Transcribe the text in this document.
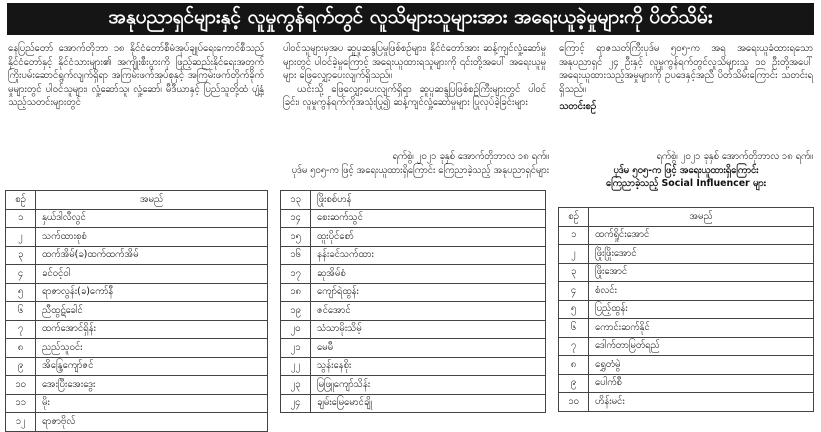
အနုပညာရှင်များနှင့် လူမှုကွန်ရက်တွင် လူသိများသူများအား အရေးယူခဲ့မှုများကို ပိတ်သိမ်း

နေပြည်တော် အောက်တိုဘာ ၁၈ နိုင်ငံတော်စီမံအုပ်ချုပ်ရေးကောင်စီသည် နိုင်ငံတော်နှင့် နိုင်ငံသားများ၏ အကျိုးစီးပွားကို ဖြည့်ဆည်းနိုင်ရေးအတွက် ကြိုးပမ်းဆောင်ရွက်လျက်ရှိရာ အကြမ်းဖက်အုပ်စုနှင့် အကြမ်းဖက်တိုက်ခိုက်မှုများတွင် ပါဝင်သူများ၊ လှုံ့ဆော်သူ၊ လှုံ့ဆော်၊ မီဒီယာနှင့် ပြည်သူတို့ထံ ပျံ့နှံ့သည့်သတင်းများတွင်

ပါဝင်သူများမှအပ ဆူပူဆန္ဒပြမှုဖြစ်စဉ်များ၊ နိုင်ငံတော်အား ဆန့်ကျင်လှုံ့ဆော်မှုများတွင် ပါဝင်ခဲ့မှုကြောင့် အရေးယူထားရသူများကို ၎င်းတို့အပေါ် အရေးယူမှုများ ဖြေလျှော့ပေးလျက်ရှိသည်။

ယင်းသို့ ဖြေလျှော့ပေးလျက်ရှိရာ ဆူပူဆန္ဒပြဖြစ်စဉ်ကြီးများတွင် ပါဝင်ခြင်း၊ လူမှုကွန်ရက်ကိုအသုံးပြု၍ ဆန့်ကျင်လှုံ့ဆော်မှုများ ပြုလုပ်ခဲ့ခြင်းများ

ကြောင့် ရာဇသတ်ကြီးပုဒ်မ ၅၀၅-က အရ အရေးယူခံထားရသော အနုပညာရှင် ၂၄ ဦးနှင့် လူမှုကွန်ရက်တွင်လူသိများသူ ၁၀ ဦးတို့အပေါ် အရေးယူထားသည့်အမှုများကို ဥပဒေနှင့်အညီ ပိတ်သိမ်းကြောင်း သတင်းရရှိသည်။

သတင်းစဉ်

ရက်စွဲ၊ ၂၀၂၁ ခုနှစ် အောက်တိုဘာလ ၁၈ ရက်။
ပုဒ်မ ၅၀၅-က ဖြင့် အရေးယူထားရှိကြောင်း ကြေညာခဲ့သည့် အနုပညာရှင်များ
ရက်စွဲ၊ ၂၀၂၁ ခုနှစ် အောက်တိုဘာလ ၁၈ ရက်။
ပုဒ်မ ၅၀၅-က ဖြင့် အရေးယူထားရှိကြောင်း
ကြေညာခဲ့သည့် Social Influencer များ
စဉ်	အမည်
၁	နှယ်ဒါလီလွင်
၂	သက်ထားစုစံ
၃	ထက်အိမ်(ခ)ထက်ထက်အိမ်
၄	ခင်ဝင့်ဝါ
၅	ရာဇာလွန်း(ခ)ကော်နီ
၆	ညီထွဋ်ခေါင်
၇	ထက်အောင်ရှိန်း
၈	ညည်သူဝင်း
၉	အိန္ဒြေကျော်ဇင်
၁၀	အေးပြီးအေးဒွေး
၁၁	မိုး
၁၂	ရာဇာဗိုလ်
၁၃	ဖြိုးစစ်ဟန်
၁၄	စေးဆက်သွင်
၁၅	ထူးပိုင်စော်
၁၆	နန်းခင်သက်ထား
၁၇	ဆုအိမ်စံ
၁၈	ကျော်ရဲထွန်း
၁၉	ဇင်အောင်
၂၀	သံသာမိုးသိမ့်
၂၁	မေမီ
၂၂	သွန်းနေစိုး
၂၃	မြဖြူကျော်သိန်း
၂၄	ချမ်းမြေမောင်ချို
စဉ်	အမည်
၁	ထက်ရှိုင်းအောင်
၂	ဖြိုးဖြိုးအောင်
၃	ဖြိုးအောင်
၄	စံလင်း
၅	ပြည့်ထွန်း
၆	ကောင်းဆက်နိုင်
၇	ဒေါက်တာမြတ်ရည်
၈	ရွှေတံမွဲ
၉	ပေါက်စီ
၁၀	ဟိန်းမင်း
